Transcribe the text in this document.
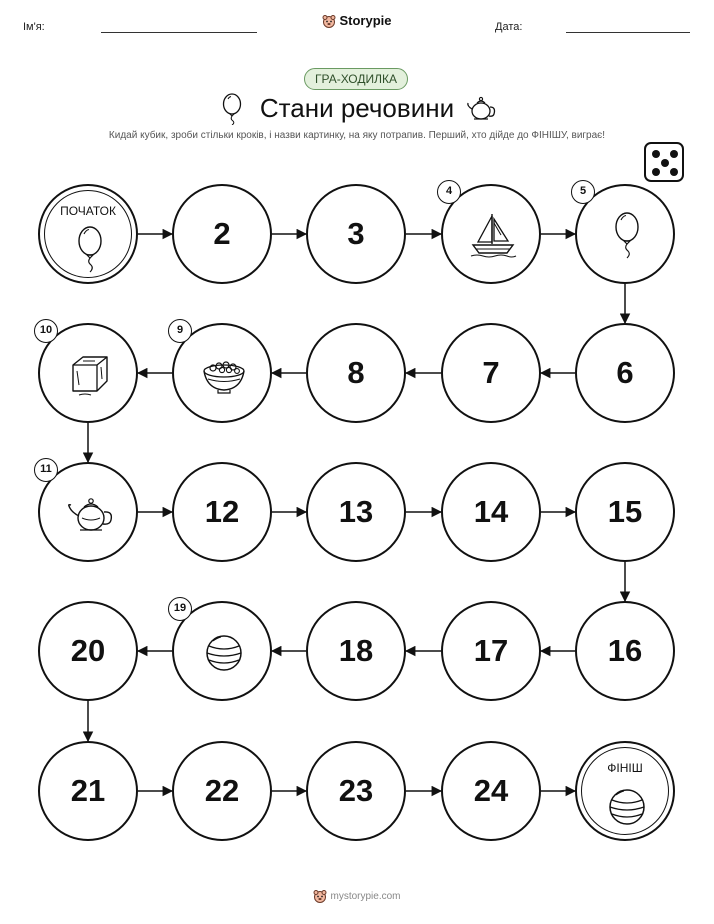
Ім'я:	Storypie	Дата:
ГРА-ХОДИЛКА
Стани речовини
Кидай кубик, зроби стільки кроків, і назви картинку, на яку потрапив. Перший, хто дійде до ФІНІШУ, виграє!
ПОЧАТОК
2	3
4	5
6
7
8
9
10
11
12	13	14	15
16
17
18
19
20
21	22	23	24
ФІНІШ
mystorypie.com
